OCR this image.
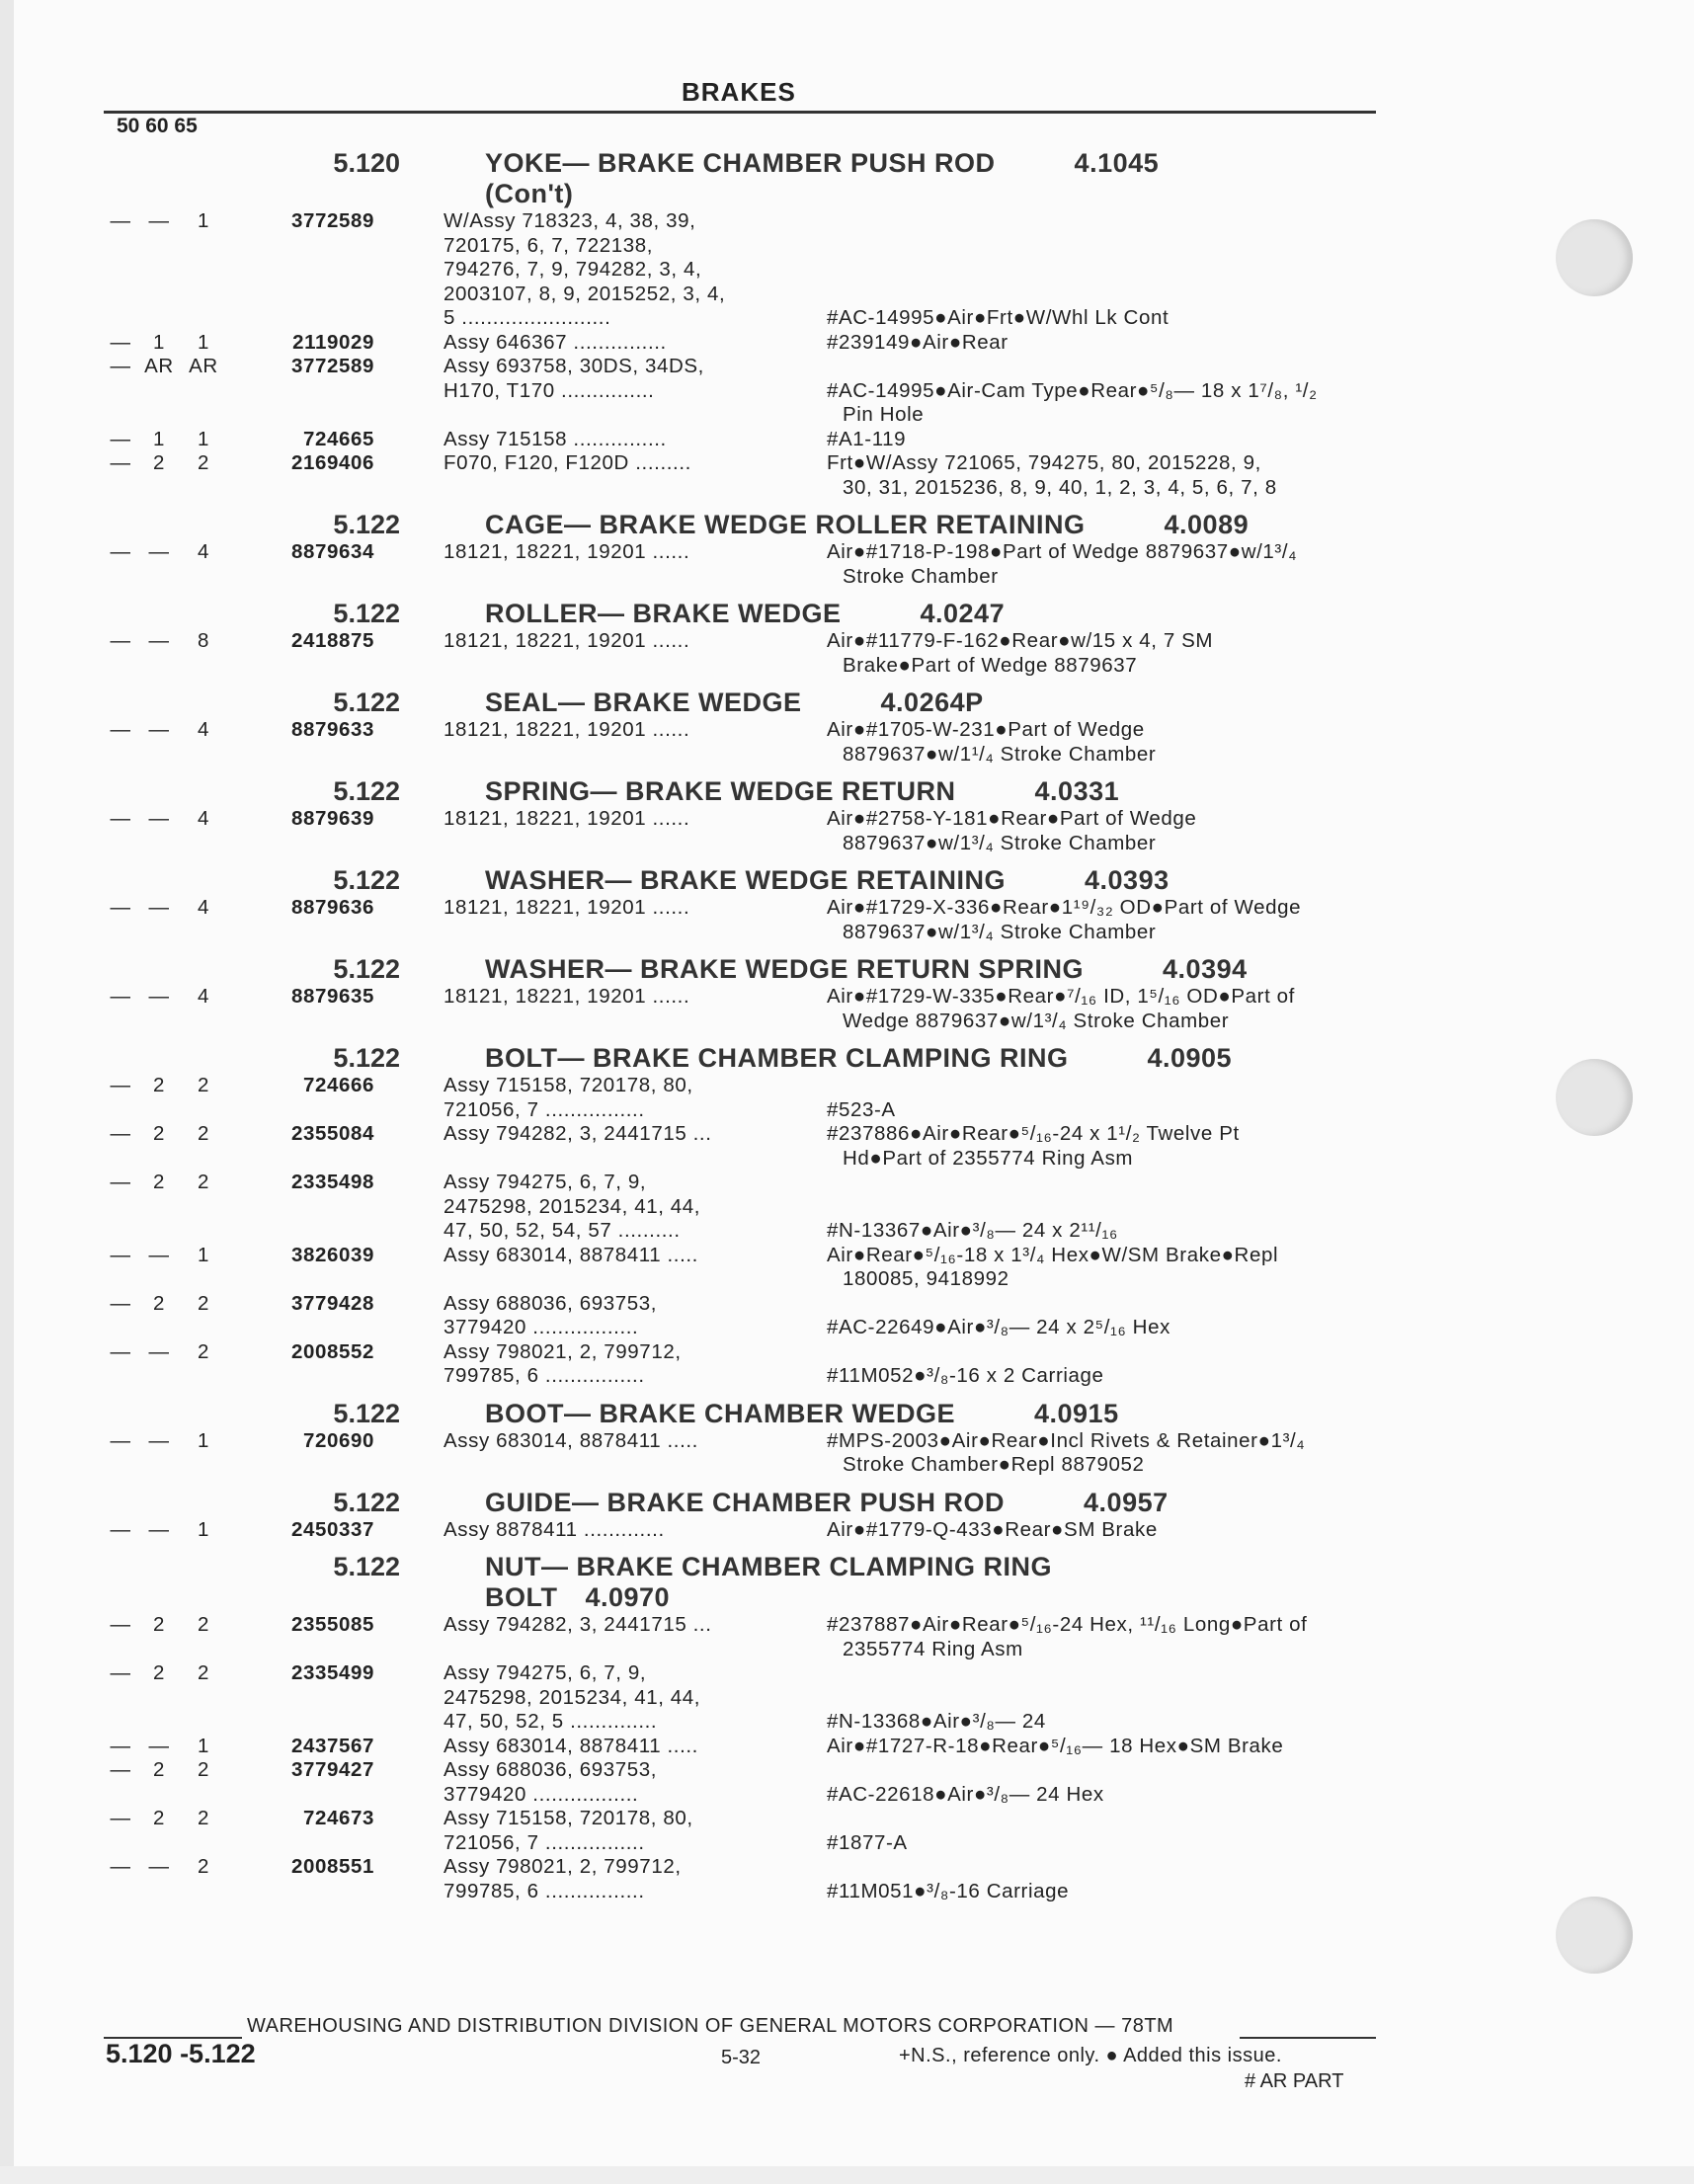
BRAKES
50 60 65
5.120	YOKE— BRAKE CHAMBER PUSH ROD	4.1045
(Con't)
— —	1	3772589	W/Assy 718323, 4, 38, 39,
720175, 6, 7, 722138,
794276, 7, 9, 794282, 3, 4,
2003107, 8, 9, 2015252, 3, 4,
5 ........................

	#AC-14995●Air●Frt●W/Whl Lk Cont
—	1	1	2119029	Assy 646367 ...............	#239149●Air●Rear
— AR AR	3772589	Assy 693758, 30DS, 34DS,
H170, T170 ...............
	#AC-14995●Air-Cam Type●Rear●⁵/₈— 18 x 1⁷/₈, ¹/₂
Pin Hole
—	1	1	724665	Assy 715158 ...............	#A1-119
—	2	2	2169406	F070, F120, F120D .........	Frt●W/Assy 721065, 794275, 80, 2015228, 9,
30, 31, 2015236, 8, 9, 40, 1, 2, 3, 4, 5, 6, 7, 8
5.122	CAGE— BRAKE WEDGE ROLLER RETAINING	4.0089
— —	4	8879634	18121, 18221, 19201 ......	Air●#1718-P-198●Part of Wedge 8879637●w/1³/₄
Stroke Chamber
5.122	ROLLER— BRAKE WEDGE	4.0247
— —	8	2418875	18121, 18221, 19201 ......	Air●#11779-F-162●Rear●w/15 x 4, 7 SM
Brake●Part of Wedge 8879637
5.122	SEAL— BRAKE WEDGE	4.0264P
— —	4	8879633	18121, 18221, 19201 ......	Air●#1705-W-231●Part of Wedge
8879637●w/1¹/₄ Stroke Chamber
5.122	SPRING— BRAKE WEDGE RETURN	4.0331
— —	4	8879639	18121, 18221, 19201 ......	Air●#2758-Y-181●Rear●Part of Wedge
8879637●w/1³/₄ Stroke Chamber
5.122	WASHER— BRAKE WEDGE RETAINING	4.0393
— —	4	8879636	18121, 18221, 19201 ......	Air●#1729-X-336●Rear●1¹⁹/₃₂ OD●Part of Wedge
8879637●w/1³/₄ Stroke Chamber
5.122	WASHER— BRAKE WEDGE RETURN SPRING	4.0394
— —	4	8879635	18121, 18221, 19201 ......	Air●#1729-W-335●Rear●⁷/₁₆ ID, 1⁵/₁₆ OD●Part of
Wedge 8879637●w/1³/₄ Stroke Chamber
5.122	BOLT— BRAKE CHAMBER CLAMPING RING	4.0905
—	2	2	724666	Assy 715158, 720178, 80,
721056, 7 ................
	#523-A
—	2	2	2355084	Assy 794282, 3, 2441715 ...	#237886●Air●Rear●⁵/₁₆-24 x 1¹/₂ Twelve Pt
Hd●Part of 2355774 Ring Asm
—	2	2	2335498	Assy 794275, 6, 7, 9,
2475298, 2015234, 41, 44,
47, 50, 52, 54, 57 ..........

	#N-13367●Air●³/₈— 24 x 2¹¹/₁₆
— —	1	3826039	Assy 683014, 8878411 .....	Air●Rear●⁵/₁₆-18 x 1³/₄ Hex●W/SM Brake●Repl
180085, 9418992
—	2	2	3779428	Assy 688036, 693753,
3779420 .................
	#AC-22649●Air●³/₈— 24 x 2⁵/₁₆ Hex
— —	2	2008552	Assy 798021, 2, 799712,
799785, 6 ................
	#11M052●³/₈-16 x 2 Carriage
5.122	BOOT— BRAKE CHAMBER WEDGE	4.0915
— —	1	720690	Assy 683014, 8878411 .....	#MPS-2003●Air●Rear●Incl Rivets & Retainer●1³/₄
Stroke Chamber●Repl 8879052
5.122	GUIDE— BRAKE CHAMBER PUSH ROD	4.0957
— —	1	2450337	Assy 8878411 .............	Air●#1779-Q-433●Rear●SM Brake
5.122	NUT— BRAKE CHAMBER CLAMPING RING
BOLT 4.0970
—	2	2	2355085	Assy 794282, 3, 2441715 ...	#237887●Air●Rear●⁵/₁₆-24 Hex, ¹¹/₁₆ Long●Part of
2355774 Ring Asm
—	2	2	2335499	Assy 794275, 6, 7, 9,
2475298, 2015234, 41, 44,
47, 50, 52, 5 ..............

	#N-13368●Air●³/₈— 24
— —	1	2437567	Assy 683014, 8878411 .....	Air●#1727-R-18●Rear●⁵/₁₆— 18 Hex●SM Brake
—	2	2	3779427	Assy 688036, 693753,
3779420 .................
	#AC-22618●Air●³/₈— 24 Hex
—	2	2	724673	Assy 715158, 720178, 80,
721056, 7 ................
	#1877-A
— —	2	2008551	Assy 798021, 2, 799712,
799785, 6 ................
	#11M051●³/₈-16 Carriage
WAREHOUSING AND DISTRIBUTION DIVISION OF GENERAL MOTORS CORPORATION — 78TM
5.120 -5.122	5-32	+N.S., reference only. ● Added this issue.
# AR PART
